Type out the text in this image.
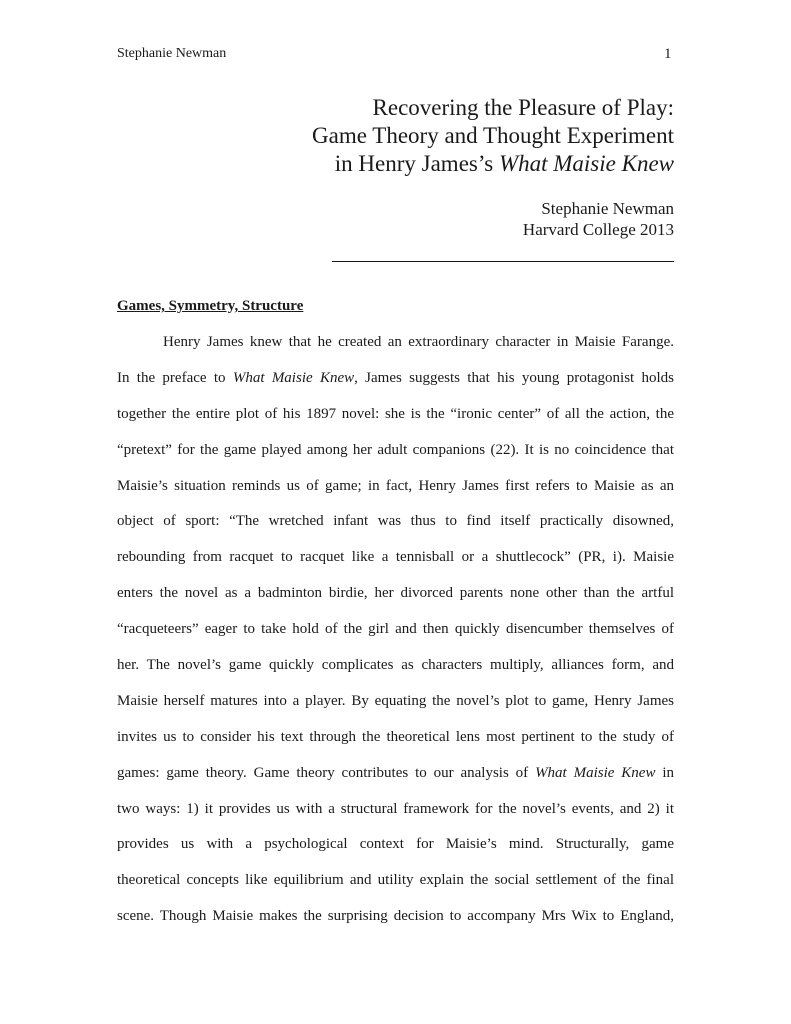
Stephanie Newman	1
Recovering the Pleasure of Play:
Game Theory and Thought Experiment
in Henry James’s What Maisie Knew
Stephanie Newman
Harvard College 2013
Games, Symmetry, Structure
Henry James knew that he created an extraordinary character in Maisie Farange.
In the preface to What Maisie Knew, James suggests that his young protagonist holds
together the entire plot of his 1897 novel: she is the “ironic center” of all the action, the
“pretext” for the game played among her adult companions (22). It is no coincidence that
Maisie’s situation reminds us of game; in fact, Henry James first refers to Maisie as an
object of sport: “The wretched infant was thus to find itself practically disowned,
rebounding from racquet to racquet like a tennisball or a shuttlecock” (PR, i). Maisie
enters the novel as a badminton birdie, her divorced parents none other than the artful
“racqueteers” eager to take hold of the girl and then quickly disencumber themselves of
her. The novel’s game quickly complicates as characters multiply, alliances form, and
Maisie herself matures into a player. By equating the novel’s plot to game, Henry James
invites us to consider his text through the theoretical lens most pertinent to the study of
games: game theory. Game theory contributes to our analysis of What Maisie Knew in
two ways: 1) it provides us with a structural framework for the novel’s events, and 2) it
provides us with a psychological context for Maisie’s mind. Structurally, game
theoretical concepts like equilibrium and utility explain the social settlement of the final
scene. Though Maisie makes the surprising decision to accompany Mrs Wix to England,
